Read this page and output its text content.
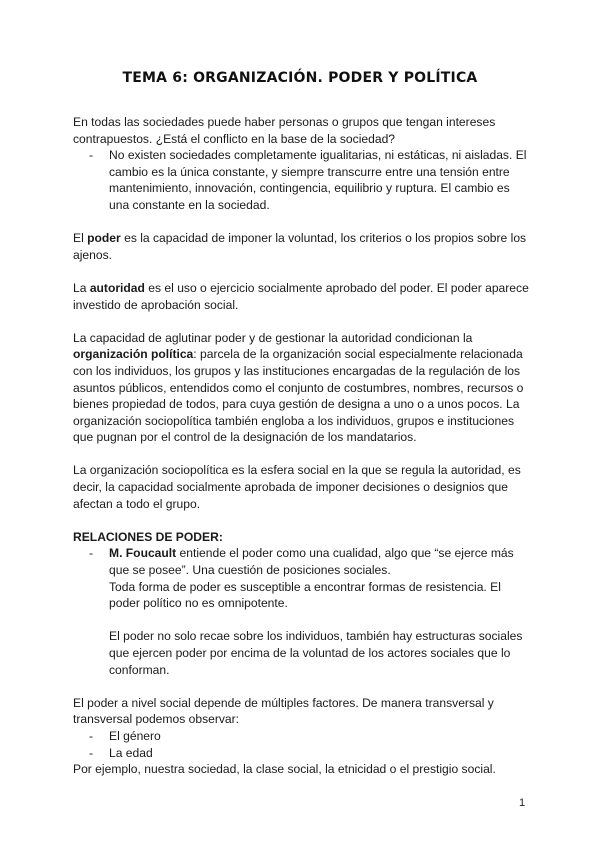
TEMA 6: ORGANIZACIÓN. PODER Y POLÍTICA

En todas las sociedades puede haber personas o grupos que tengan intereses contrapuestos. ¿Está el conflicto en la base de la sociedad?

- No existen sociedades completamente igualitarias, ni estáticas, ni aisladas. El cambio es la única constante, y siempre transcurre entre una tensión entre mantenimiento, innovación, contingencia, equilibrio y ruptura. El cambio es una constante en la sociedad.

El poder es la capacidad de imponer la voluntad, los criterios o los propios sobre los ajenos.

La autoridad es el uso o ejercicio socialmente aprobado del poder. El poder aparece investido de aprobación social.

La capacidad de aglutinar poder y de gestionar la autoridad condicionan la organización política: parcela de la organización social especialmente relacionada con los individuos, los grupos y las instituciones encargadas de la regulación de los asuntos públicos, entendidos como el conjunto de costumbres, nombres, recursos o bienes propiedad de todos, para cuya gestión de designa a uno o a unos pocos. La organización sociopolítica también engloba a los individuos, grupos e instituciones que pugnan por el control de la designación de los mandatarios.

La organización sociopolítica es la esfera social en la que se regula la autoridad, es decir, la capacidad socialmente aprobada de imponer decisiones o designios que afectan a todo el grupo.

RELACIONES DE PODER:

- M. Foucault entiende el poder como una cualidad, algo que “se ejerce más que se posee”. Una cuestión de posiciones sociales.

Toda forma de poder es susceptible a encontrar formas de resistencia. El poder político no es omnipotente.

El poder no solo recae sobre los individuos, también hay estructuras sociales que ejercen poder por encima de la voluntad de los actores sociales que lo conforman.

El poder a nivel social depende de múltiples factores. De manera transversal y transversal podemos observar:

- El género
- La edad

Por ejemplo, nuestra sociedad, la clase social, la etnicidad o el prestigio social.

1
